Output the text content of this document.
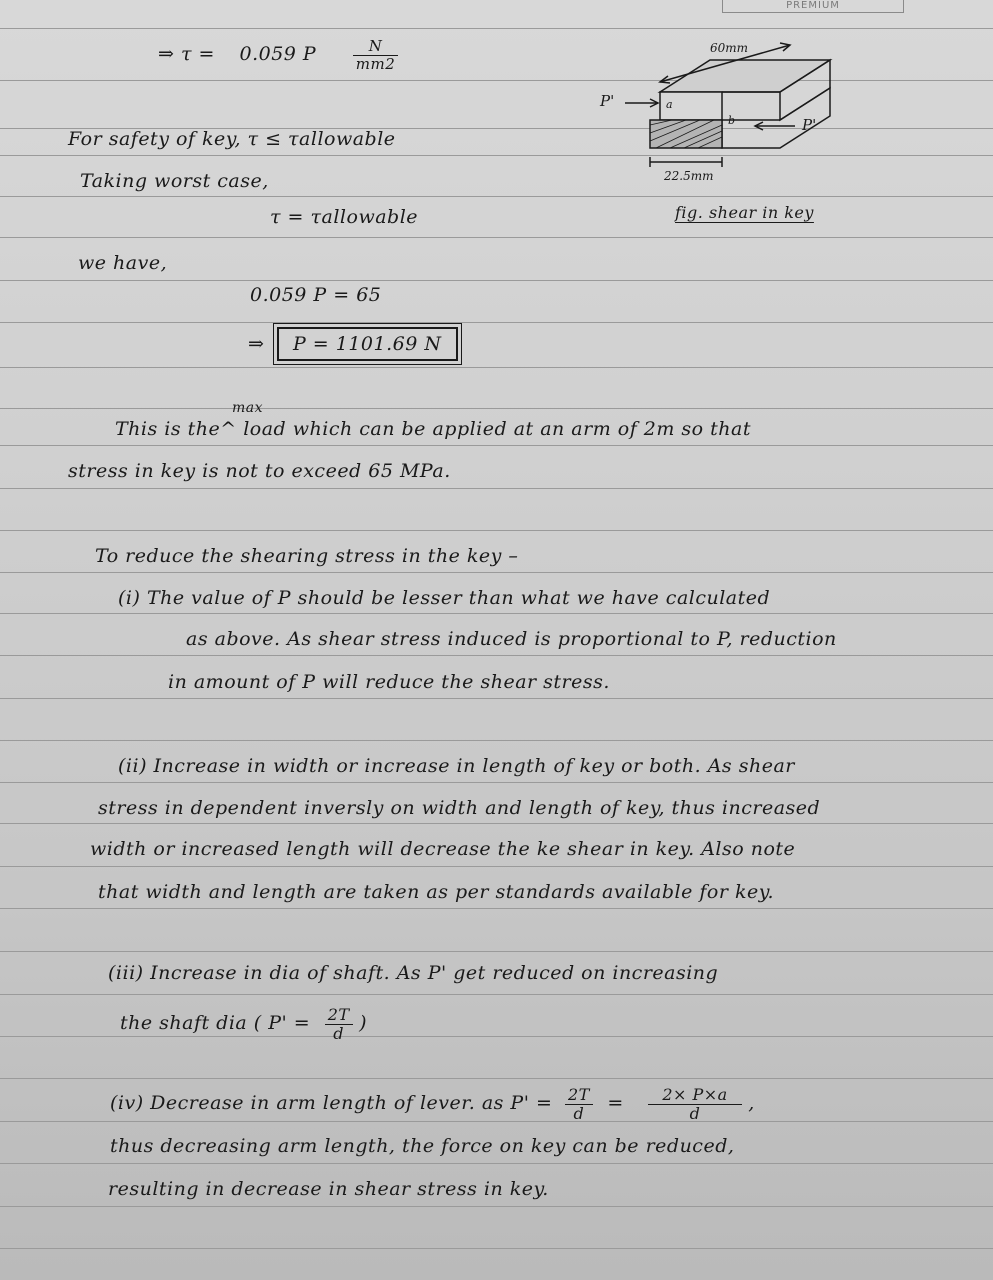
PREMIUM
⇒ τ = 0.059 P $\frac{N}{mm2}$	60mm
P'
P'
a
b
22.5mm
fig. shear in key
For safety of key, τ ≤ τallowable
Taking worst case,
τ = τallowable
we have,
0.059 P = 65
⇒ P = 1101.69 N
max
This is the^ load which can be applied at an arm of 2m so that
stress in key is not to exceed 65 MPa.
To reduce the shearing stress in the key –
(i) The value of P should be lesser than what we have calculated
as above. As shear stress induced is proportional to P, reduction
in amount of P will reduce the shear stress.
(ii) Increase in width or increase in length of key or both. As shear
stress in dependent inversly on width and length of key, thus increased
width or increased length will decrease the ke shear in key. Also note
that width and length are taken as per standards available for key.
(iii) Increase in dia of shaft. As P' get reduced on increasing
the shaft dia ( $P' = \frac{2T}{d}$ )
(iv) Decrease in arm length of lever. as $P' = \frac{2T}{d} = \frac{2\times P\times a}{d}$ ,
thus decreasing arm length, the force on key can be reduced,
resulting in decrease in shear stress in key.
